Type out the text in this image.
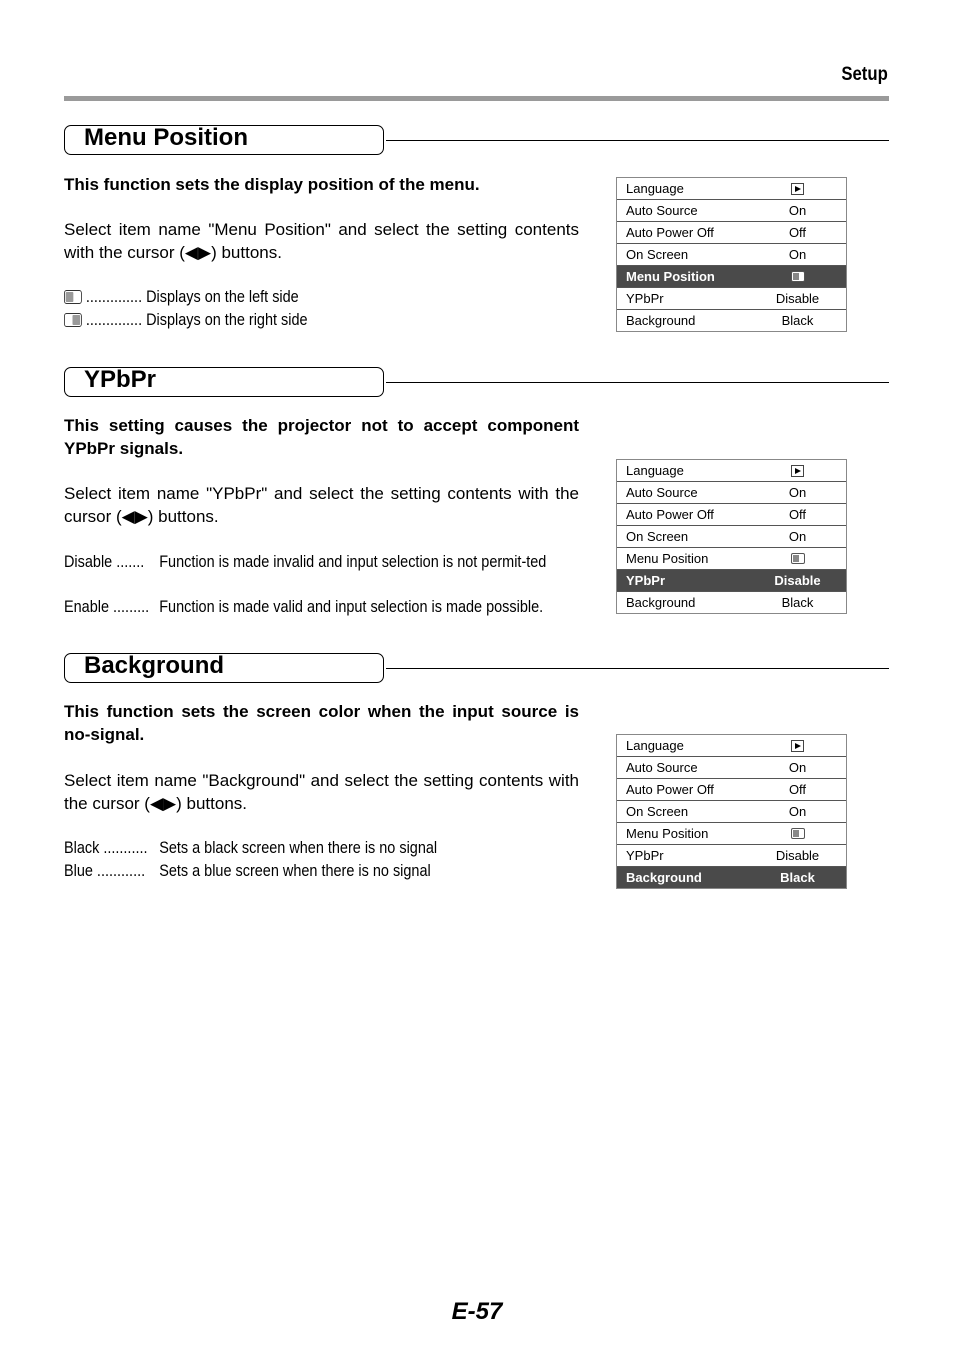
Setup
Menu Position
This function sets the display position of the menu.
Select item name "Menu Position" and select the setting contents with the cursor (◀▶) buttons.
.............. Displays on the left side
.............. Displays on the right side
Language
Auto Source	On
Auto Power Off	Off
On Screen	On
Menu Position
YPbPr	Disable
Background	Black
YPbPr
This setting causes the projector not to accept component YPbPr signals.
Select item name "YPbPr" and select the setting contents with the cursor (◀▶) buttons.
Disable ....... Function is made invalid and input selection is not permit-ted
Enable ......... Function is made valid and input selection is made possible.
Language
Auto Source	On
Auto Power Off	Off
On Screen	On
Menu Position
YPbPr	Disable
Background	Black
Background
This function sets the screen color when the input source is no-signal.
Select item name "Background" and select the setting contents with the cursor (◀▶) buttons.
Black ........... Sets a black screen when there is no signal
Blue ............ Sets a blue screen when there is no signal
Language
Auto Source	On
Auto Power Off	Off
On Screen	On
Menu Position
YPbPr	Disable
Background	Black
E-57
